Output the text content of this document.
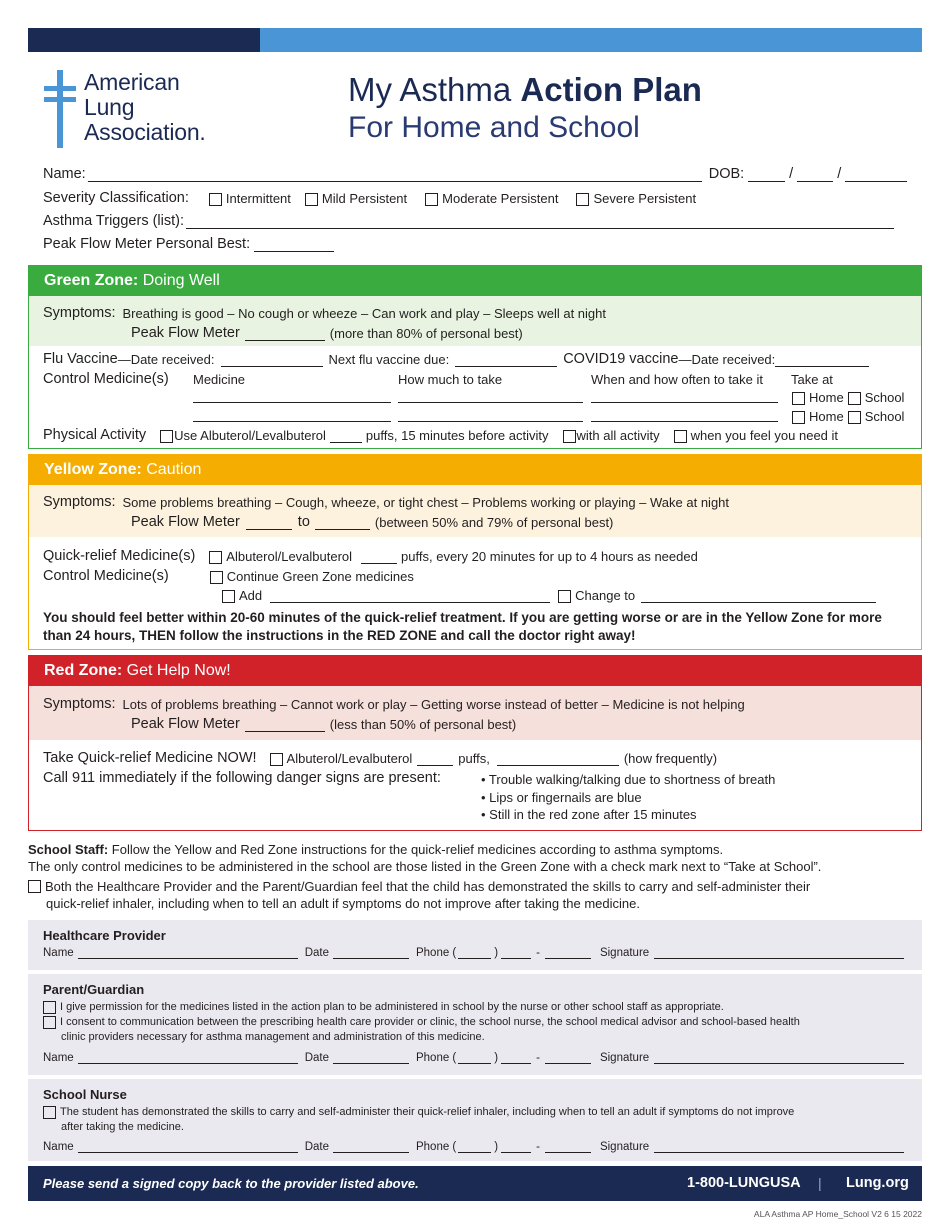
American
Lung
Association.
My Asthma Action Plan
For Home and School
Name:	DOB:	/	/
Severity Classification:	Intermittent Mild Persistent	Moderate Persistent	Severe Persistent
Asthma Triggers (list):
Peak Flow Meter Personal Best:
Green Zone: Doing Well
Symptoms: Breathing is good – No cough or wheeze – Can work and play – Sleeps well at night
Peak Flow Meter	(more than 80% of personal best)
Flu Vaccine —Date received:	Next flu vaccine due:	COVID19 vaccine —Date received:
Control Medicine(s) Medicine	How much to take	When and how often to take it Take at
Home School
Home School
Physical Activity Use Albuterol/Levalbuterol	puffs, 15 minutes before activity with all activity when you feel you need it
Yellow Zone: Caution
Symptoms: Some problems breathing – Cough, wheeze, or tight chest – Problems working or playing – Wake at night
Peak Flow Meter	to	(between 50% and 79% of personal best)
Quick-relief Medicine(s) Albuterol/Levalbuterol	puffs, every 20 minutes for up to 4 hours as needed
Control Medicine(s)	Continue Green Zone medicines
Add	Change to
You should feel better within 20-60 minutes of the quick-relief treatment. If you are getting worse or are in the Yellow Zone for more
than 24 hours, THEN follow the instructions in the RED ZONE and call the doctor right away!
Red Zone: Get Help Now!
Symptoms: Lots of problems breathing – Cannot work or play – Getting worse instead of better – Medicine is not helping
Peak Flow Meter	(less than 50% of personal best)
Take Quick-relief Medicine NOW! Albuterol/Levalbuterol	puffs,	(how frequently)
Call 911 immediately if the following danger signs are present:	• Trouble walking/talking due to shortness of breath
• Lips or fingernails are blue
• Still in the red zone after 15 minutes
School Staff: Follow the Yellow and Red Zone instructions for the quick-relief medicines according to asthma symptoms.
The only control medicines to be administered in the school are those listed in the Green Zone with a check mark next to “Take at School”.
Both the Healthcare Provider and the Parent/Guardian feel that the child has demonstrated the skills to carry and self-administer their
quick-relief inhaler, including when to tell an adult if symptoms do not improve after taking the medicine.
Healthcare Provider
Name	Date	Phone (	)	-	Signature
Parent/Guardian
I give permission for the medicines listed in the action plan to be administered in school by the nurse or other school staff as appropriate.
I consent to communication between the prescribing health care provider or clinic, the school nurse, the school medical advisor and school-based health
clinic providers necessary for asthma management and administration of this medicine.
Name	Date	Phone (	)	-	Signature
School Nurse
The student has demonstrated the skills to carry and self-administer their quick-relief inhaler, including when to tell an adult if symptoms do not improve
after taking the medicine.
Name	Date	Phone (	)	-	Signature
Please send a signed copy back to the provider listed above.	1-800-LUNGUSA | Lung.org
ALA Asthma AP Home_School V2 6 15 2022
